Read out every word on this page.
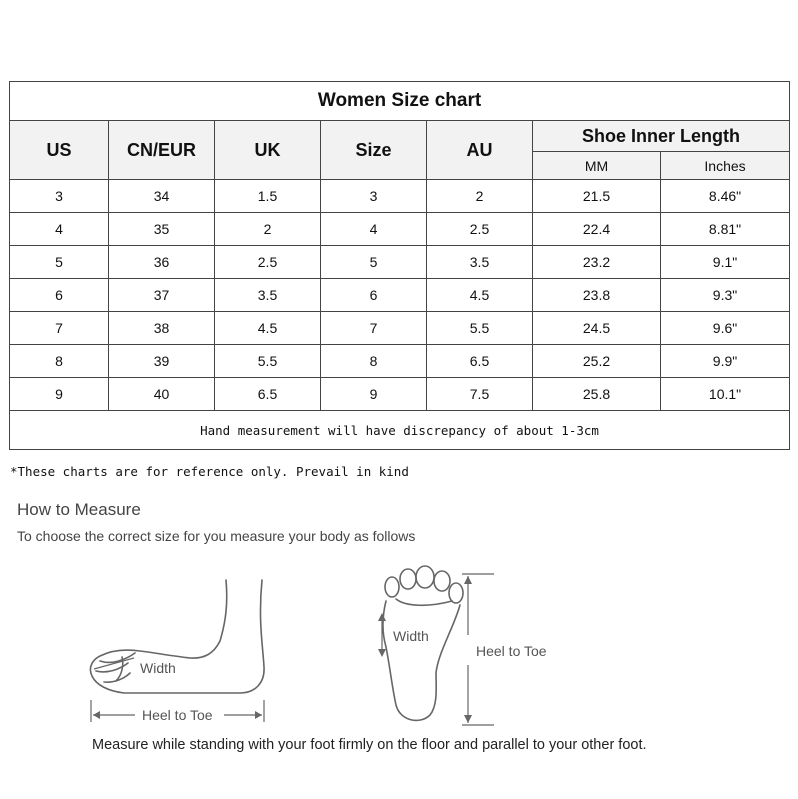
Women Size chart						
US	CN/EUR	UK	Size	AU	Shoe Inner Length	
					MM	Inches
3	34	1.5	3	2	21.5	8.46"
4	35	2	4	2.5	22.4	8.81"
5	36	2.5	5	3.5	23.2	9.1"
6	37	3.5	6	4.5	23.8	9.3"
7	38	4.5	7	5.5	24.5	9.6"
8	39	5.5	8	6.5	25.2	9.9"
9	40	6.5	9	7.5	25.8	10.1"
Hand measurement will have discrepancy of about 1-3cm						
*These charts are for reference only. Prevail in kind
How to Measure
To choose the correct size for you measure your body as follows
Width
Heel to Toe
Width
Heel to Toe
Measure while standing with your foot firmly on the floor and parallel to your other foot.
